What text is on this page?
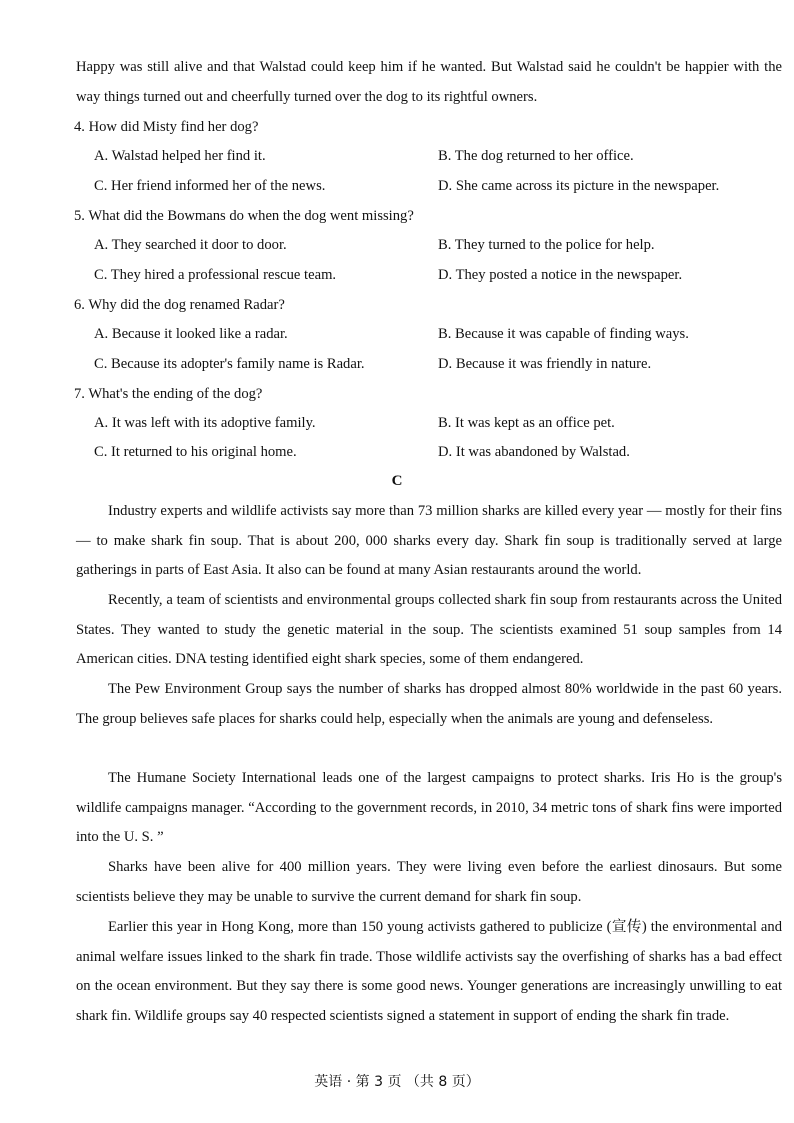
Happy was still alive and that Walstad could keep him if he wanted. But Walstad said he couldn't be happier with the way things turned out and cheerfully turned over the dog to its rightful owners.
4. How did Misty find her dog?
A. Walstad helped her find it.	B. The dog returned to her office.
C. Her friend informed her of the news.	D. She came across its picture in the newspaper.
5. What did the Bowmans do when the dog went missing?
A. They searched it door to door.	B. They turned to the police for help.
C. They hired a professional rescue team.	D. They posted a notice in the newspaper.
6. Why did the dog renamed Radar?
A. Because it looked like a radar.	B. Because it was capable of finding ways.
C. Because its adopter's family name is Radar.	D. Because it was friendly in nature.
7. What's the ending of the dog?
A. It was left with its adoptive family.	B. It was kept as an office pet.
C. It returned to his original home.	D. It was abandoned by Walstad.
C
Industry experts and wildlife activists say more than 73 million sharks are killed every year — mostly for their fins — to make shark fin soup. That is about 200, 000 sharks every day. Shark fin soup is traditionally served at large gatherings in parts of East Asia. It also can be found at many Asian restaurants around the world.
Recently, a team of scientists and environmental groups collected shark fin soup from restaurants across the United States. They wanted to study the genetic material in the soup. The scientists examined 51 soup samples from 14 American cities. DNA testing identified eight shark species, some of them endangered.
The Pew Environment Group says the number of sharks has dropped almost 80% worldwide in the past 60 years. The group believes safe places for sharks could help, especially when the animals are young and defenseless.
The Humane Society International leads one of the largest campaigns to protect sharks. Iris Ho is the group's wildlife campaigns manager. “According to the government records, in 2010, 34 metric tons of shark fins were imported into the U. S. ”
Sharks have been alive for 400 million years. They were living even before the earliest dinosaurs. But some scientists believe they may be unable to survive the current demand for shark fin soup.
Earlier this year in Hong Kong, more than 150 young activists gathered to publicize (宣传) the environmental and animal welfare issues linked to the shark fin trade. Those wildlife activists say the overfishing of sharks has a bad effect on the ocean environment. But they say there is some good news. Younger generations are increasingly unwilling to eat shark fin. Wildlife groups say 40 respected scientists signed a statement in support of ending the shark fin trade.
英语 · 第 3 页 （共 8 页）
